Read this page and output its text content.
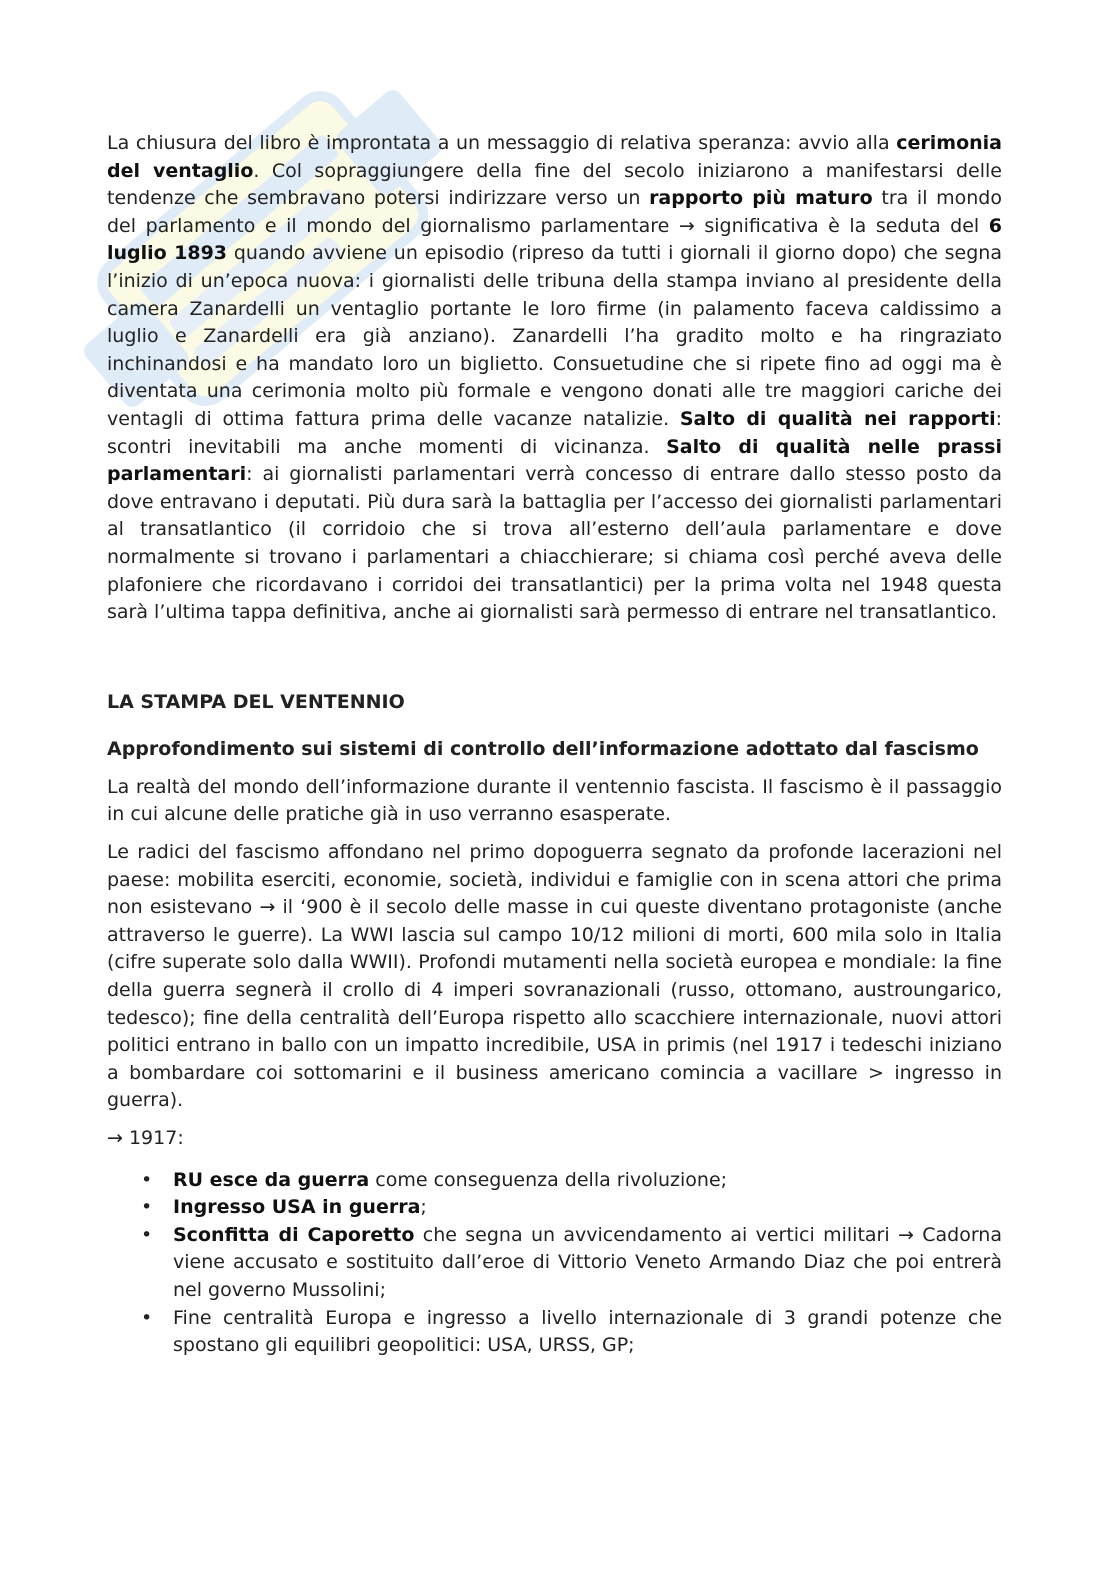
La chiusura del libro è improntata a un messaggio di relativa speranza: avvio alla cerimonia del ventaglio. Col sopraggiungere della fine del secolo iniziarono a manifestarsi delle tendenze che sembravano potersi indirizzare verso un rapporto più maturo tra il mondo del parlamento e il mondo del giornalismo parlamentare → significativa è la seduta del 6 luglio 1893 quando avviene un episodio (ripreso da tutti i giornali il giorno dopo) che segna l’inizio di un’epoca nuova: i giornalisti delle tribuna della stampa inviano al presidente della camera Zanardelli un ventaglio portante le loro firme (in palamento faceva caldissimo a luglio e Zanardelli era già anziano). Zanardelli l’ha gradito molto e ha ringraziato inchinandosi e ha mandato loro un biglietto. Consuetudine che si ripete fino ad oggi ma è diventata una cerimonia molto più formale e vengono donati alle tre maggiori cariche dei ventagli di ottima fattura prima delle vacanze natalizie. Salto di qualità nei rapporti: scontri inevitabili ma anche momenti di vicinanza. Salto di qualità nelle prassi parlamentari: ai giornalisti parlamentari verrà concesso di entrare dallo stesso posto da dove entravano i deputati. Più dura sarà la battaglia per l’accesso dei giornalisti parlamentari al transatlantico (il corridoio che si trova all’esterno dell’aula parlamentare e dove normalmente si trovano i parlamentari a chiacchierare; si chiama così perché aveva delle plafoniere che ricordavano i corridoi dei transatlantici) per la prima volta nel 1948 questa sarà l’ultima tappa definitiva, anche ai giornalisti sarà permesso di entrare nel transatlantico.

LA STAMPA DEL VENTENNIO
Approfondimento sui sistemi di controllo dell’informazione adottato dal fascismo

La realtà del mondo dell’informazione durante il ventennio fascista. Il fascismo è il passaggio in cui alcune delle pratiche già in uso verranno esasperate.

Le radici del fascismo affondano nel primo dopoguerra segnato da profonde lacerazioni nel paese: mobilita eserciti, economie, società, individui e famiglie con in scena attori che prima non esistevano → il ‘900 è il secolo delle masse in cui queste diventano protagoniste (anche attraverso le guerre). La WWI lascia sul campo 10/12 milioni di morti, 600 mila solo in Italia (cifre superate solo dalla WWII). Profondi mutamenti nella società europea e mondiale: la fine della guerra segnerà il crollo di 4 imperi sovranazionali (russo, ottomano, austroungarico, tedesco); fine della centralità dell’Europa rispetto allo scacchiere internazionale, nuovi attori politici entrano in ballo con un impatto incredibile, USA in primis (nel 1917 i tedeschi iniziano a bombardare coi sottomarini e il business americano comincia a vacillare > ingresso in guerra).

→ 1917:

• RU esce da guerra come conseguenza della rivoluzione;
• Ingresso USA in guerra;
• Sconfitta di Caporetto che segna un avvicendamento ai vertici militari → Cadorna viene accusato e sostituito dall’eroe di Vittorio Veneto Armando Diaz che poi entrerà nel governo Mussolini;
• Fine centralità Europa e ingresso a livello internazionale di 3 grandi potenze che spostano gli equilibri geopolitici: USA, URSS, GP;
